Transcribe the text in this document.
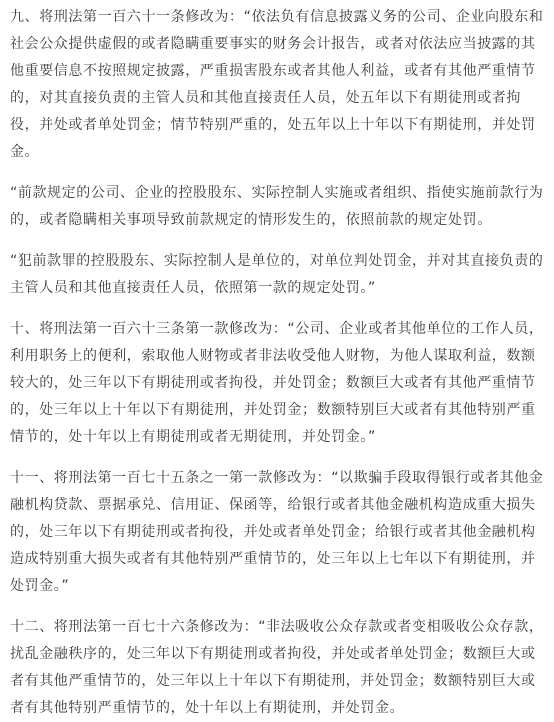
九、将刑法第一百六十一条修改为：“依法负有信息披露义务的公司、企业向股东和社会公众提供虚假的或者隐瞒重要事实的财务会计报告，或者对依法应当披露的其他重要信息不按照规定披露，严重损害股东或者其他人利益，或者有其他严重情节的，对其直接负责的主管人员和其他直接责任人员，处五年以下有期徒刑或者拘役，并处或者单处罚金；情节特别严重的，处五年以上十年以下有期徒刑，并处罚金。

“前款规定的公司、企业的控股股东、实际控制人实施或者组织、指使实施前款行为的，或者隐瞒相关事项导致前款规定的情形发生的，依照前款的规定处罚。

“犯前款罪的控股股东、实际控制人是单位的，对单位判处罚金，并对其直接负责的主管人员和其他直接责任人员，依照第一款的规定处罚。”

十、将刑法第一百六十三条第一款修改为：“公司、企业或者其他单位的工作人员，利用职务上的便利，索取他人财物或者非法收受他人财物，为他人谋取利益，数额较大的，处三年以下有期徒刑或者拘役，并处罚金；数额巨大或者有其他严重情节的，处三年以上十年以下有期徒刑，并处罚金；数额特别巨大或者有其他特别严重情节的，处十年以上有期徒刑或者无期徒刑，并处罚金。”

十一、将刑法第一百七十五条之一第一款修改为：“以欺骗手段取得银行或者其他金融机构贷款、票据承兑、信用证、保函等，给银行或者其他金融机构造成重大损失的，处三年以下有期徒刑或者拘役，并处或者单处罚金；给银行或者其他金融机构造成特别重大损失或者有其他特别严重情节的，处三年以上七年以下有期徒刑，并处罚金。”

十二、将刑法第一百七十六条修改为：“非法吸收公众存款或者变相吸收公众存款，扰乱金融秩序的，处三年以下有期徒刑或者拘役，并处或者单处罚金；数额巨大或者有其他严重情节的，处三年以上十年以下有期徒刑，并处罚金；数额特别巨大或者有其他特别严重情节的，处十年以上有期徒刑，并处罚金。
